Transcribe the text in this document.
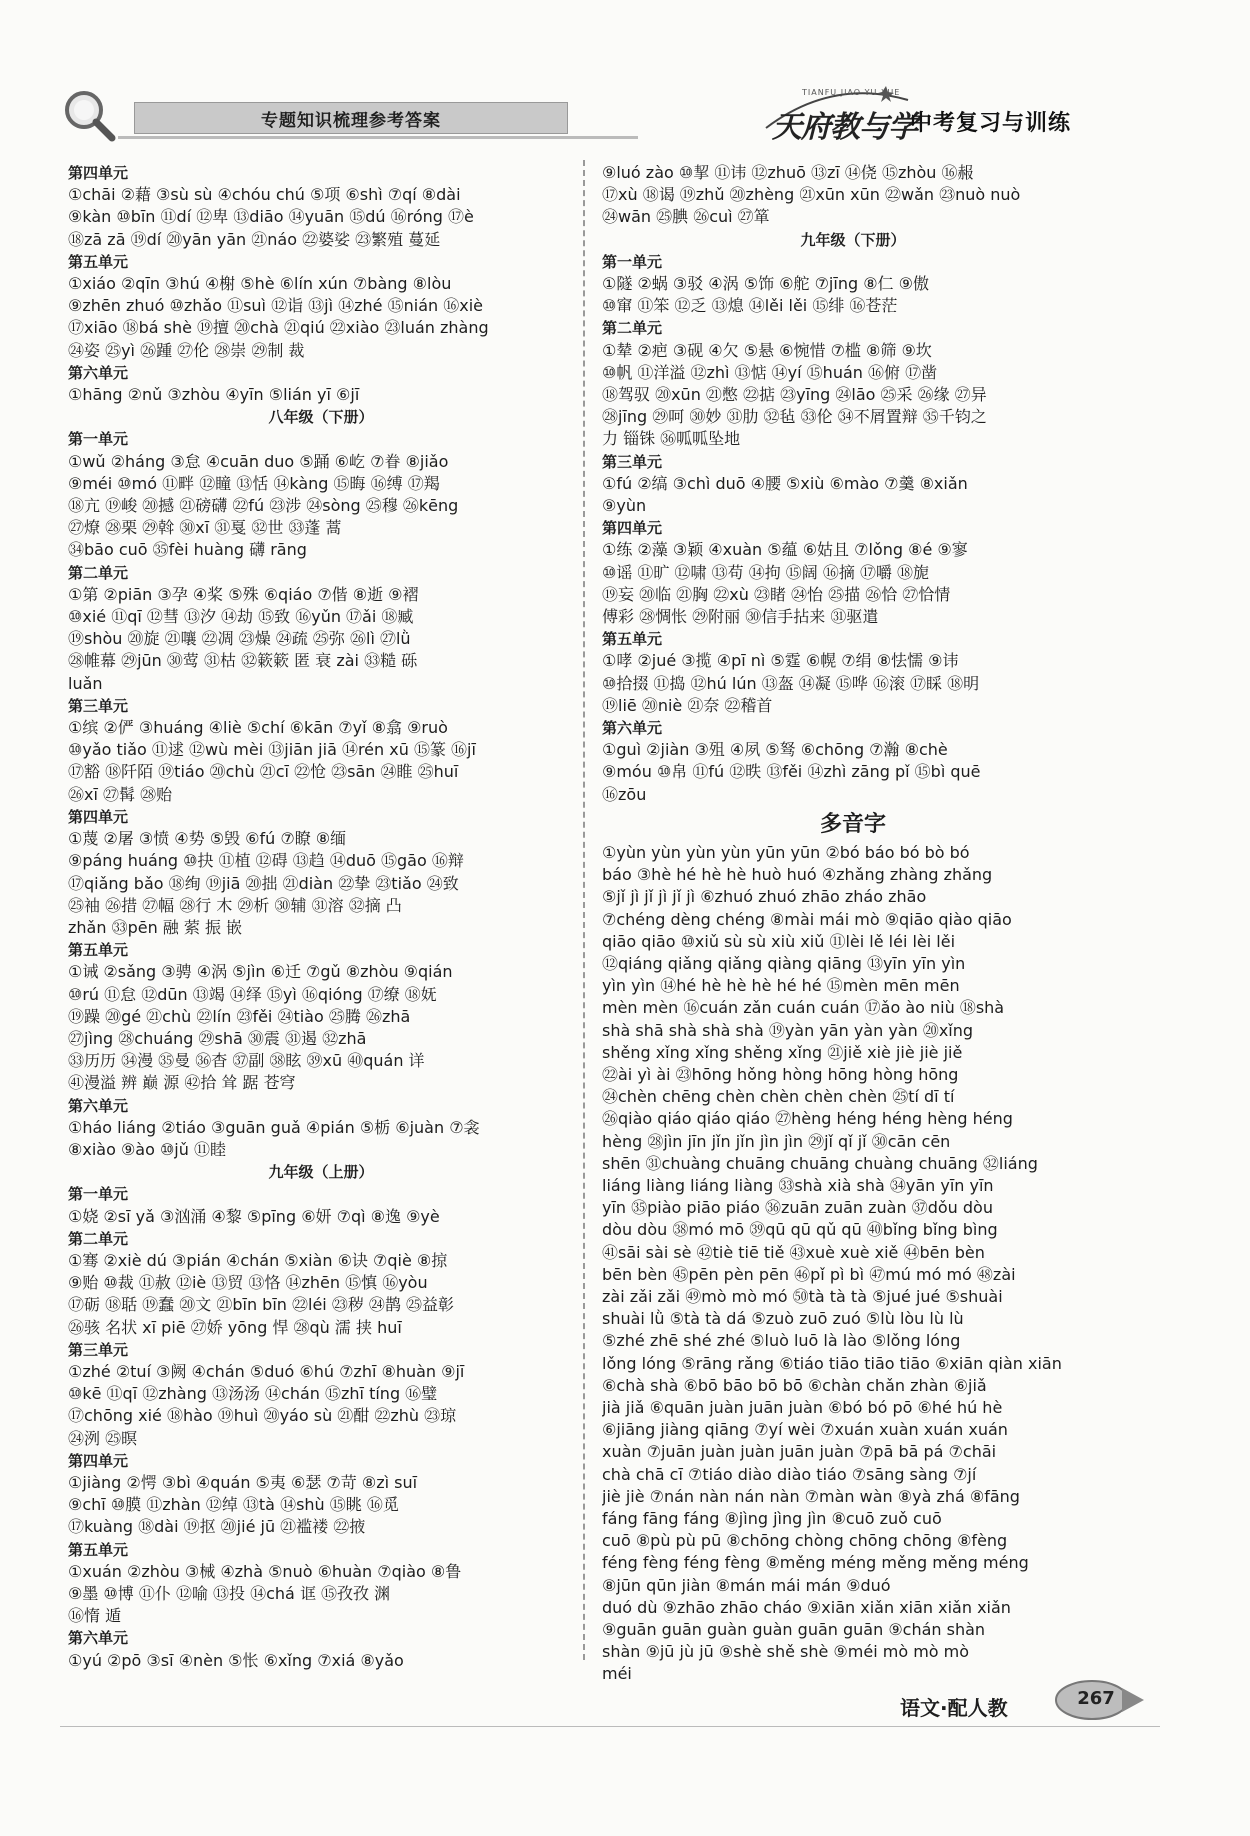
专题知识梳理参考答案
TIANFU JIAO YU XUE
天府教与学
中考复习与训练
第四单元
①chāi ②藉 ③sù sù ④chóu chú ⑤项 ⑥shì ⑦qí ⑧dài
⑨kàn ⑩bīn ⑪dí ⑫卑 ⑬diāo ⑭yuān ⑮dú ⑯róng ⑰è
⑱zā zā ⑲dí ⑳yān yān ㉑náo ㉒婆娑 ㉓繁殖 蔓延
第五单元
①xiáo ②qīn ③hú ④榭 ⑤hè ⑥lín xún ⑦bàng ⑧lòu
⑨zhēn zhuó ⑩zhǎo ⑪suì ⑫诣 ⑬jì ⑭zhé ⑮nián ⑯xiè
⑰xiāo ⑱bá shè ⑲擅 ⑳chà ㉑qiú ㉒xiào ㉓luán zhàng
㉔姿 ㉕yì ㉖踵 ㉗伦 ㉘崇 ㉙制 裁
第六单元
①hāng ②nǔ ③zhòu ④yīn ⑤lián yī ⑥jī
八年级（下册）
第一单元
①wǔ ②háng ③怠 ④cuān duo ⑤踊 ⑥屹 ⑦眷 ⑧jiǎo
⑨méi ⑩mó ⑪畔 ⑫瞳 ⑬恬 ⑭kàng ⑮晦 ⑯缚 ⑰羯
⑱亢 ⑲峻 ⑳撼 ㉑磅礴 ㉒fú ㉓涉 ㉔sòng ㉕穆 ㉖kēng
㉗燎 ㉘栗 ㉙斡 ㉚xī ㉛戛 ㉜世 ㉝蓬 蒿
㉞bāo cuō ㉟fèi huàng 礴 rāng
第二单元
①第 ②piān ③孕 ④桨 ⑤殊 ⑥qiáo ⑦偕 ⑧逝 ⑨褶
⑩xié ⑪qī ⑫彗 ⑬汐 ⑭劫 ⑮致 ⑯yǔn ⑰ǎi ⑱臧
⑲shòu ⑳旋 ㉑嚷 ㉒凋 ㉓燥 ㉔疏 ㉕弥 ㉖lì ㉗lǜ
㉘帷幕 ㉙jūn ㉚莺 ㉛枯 ㉜簌簌 匿 衰 zài ㉝糙 砾
luǎn
第三单元
①缤 ②俨 ③huáng ④liè ⑤chí ⑥kān ⑦yǐ ⑧翕 ⑨ruò
⑩yǎo tiǎo ⑪逑 ⑫wù mèi ⑬jiān jiā ⑭rén xū ⑮篆 ⑯jī
⑰豁 ⑱阡陌 ⑲tiáo ⑳chù ㉑cī ㉒怆 ㉓sān ㉔睢 ㉕huī
㉖xī ㉗髯 ㉘贻
第四单元
①蔑 ②屠 ③愤 ④势 ⑤毁 ⑥fú ⑦瞭 ⑧缅
⑨páng huáng ⑩抉 ⑪植 ⑫碍 ⑬趋 ⑭duō ⑮gāo ⑯辩
⑰qiǎng bǎo ⑱绚 ⑲jiā ⑳拙 ㉑diàn ㉒挚 ㉓tiǎo ㉔致
㉕袖 ㉖措 ㉗幅 ㉘行 木 ㉙析 ㉚辅 ㉛溶 ㉜摘 凸
zhǎn ㉝pēn 融 萦 振 嵌
第五单元
①诫 ②sǎng ③骋 ④涡 ⑤jìn ⑥迁 ⑦gǔ ⑧zhòu ⑨qián
⑩rú ⑪怠 ⑫dūn ⑬竭 ⑭绎 ⑮yì ⑯qióng ⑰缭 ⑱妩
⑲躁 ⑳gé ㉑chù ㉒lín ㉓fěi ㉔tiào ㉕腾 ㉖zhā
㉗jìng ㉘chuáng ㉙shā ㉚震 ㉛遏 ㉜zhā
㉝历历 ㉞漫 ㉟曼 ㊱杳 ㊲副 ㊳眩 ㊴xū ㊵quán 详
㊶漫溢 辨 巅 源 ㊷拾 耸 踞 苍穹
第六单元
①háo liáng ②tiáo ③guān guǎ ④pián ⑤栃 ⑥juàn ⑦衾
⑧xiào ⑨ào ⑩jǔ ⑪睦
九年级（上册）
第一单元
①娆 ②sī yǎ ③汹涌 ④黎 ⑤pīng ⑥妍 ⑦qì ⑧逸 ⑨yè
第二单元
①骞 ②xiè dú ③pián ④chán ⑤xiàn ⑥诀 ⑦qiè ⑧掠
⑨贻 ⑩裁 ⑪赦 ⑫iè ⑬贸 ⑬恪 ⑭zhēn ⑮慎 ⑯yòu
⑰砺 ⑱聒 ⑲蠢 ⑳文 ㉑bīn bīn ㉒léi ㉓秽 ㉔鹊 ㉕益彰
㉖骇 名状 xī piē ㉗娇 yōng 悍 ㉘qù 濡 挟 huī
第三单元
①zhé ②tuí ③阙 ④chán ⑤duó ⑥hú ⑦zhī ⑧huàn ⑨jī
⑩kē ⑪qī ⑫zhàng ⑬汤汤 ⑭chán ⑮zhī tíng ⑯璧
⑰chōng xié ⑱hào ⑲huì ⑳yáo sù ㉑酣 ㉒zhù ㉓琼
㉔洌 ㉕暝
第四单元
①jiàng ②愕 ③bì ④quán ⑤夷 ⑥瑟 ⑦苛 ⑧zì suī
⑨chī ⑩膜 ⑪zhàn ⑫绰 ⑬tà ⑭shù ⑮眺 ⑯觅
⑰kuàng ⑱dài ⑲抠 ⑳jié jū ㉑褴褛 ㉒掖
第五单元
①xuán ②zhòu ③械 ④zhà ⑤nuò ⑥huàn ⑦qiào ⑧鲁
⑨墨 ⑩博 ⑪仆 ⑫喻 ⑬投 ⑭chá 诓 ⑮孜孜 渊
⑯惰 遁
第六单元
①yú ②pō ③sī ④nèn ⑤怅 ⑥xǐng ⑦xiá ⑧yǎo
⑨luó zào ⑩挈 ⑪讳 ⑫zhuō ⑬zī ⑭侥 ⑮zhòu ⑯赧
⑰xù ⑱谒 ⑲zhǔ ⑳zhèng ㉑xūn xūn ㉒wǎn ㉓nuò nuò
㉔wān ㉕腆 ㉖cuì ㉗箪
九年级（下册）
第一单元
①隧 ②蜗 ③驳 ④涡 ⑤饰 ⑥舵 ⑦jīng ⑧仁 ⑨傲
⑩窜 ⑪笨 ⑫乏 ⑬熄 ⑭lěi lěi ⑮绯 ⑯苍茫
第二单元
①辇 ②疤 ③砚 ④欠 ⑤悬 ⑥惋惜 ⑦槛 ⑧筛 ⑨坎
⑩帆 ⑪洋溢 ⑫zhì ⑬惦 ⑭yí ⑮huán ⑯俯 ⑰凿
⑱驾驭 ⑳xūn ㉑憋 ㉒掂 ㉓yīng ㉔lāo ㉕采 ㉖缘 ㉗异
㉘jīng ㉙呵 ㉚妙 ㉛肋 ㉜毡 ㉝伦 ㉞不屑置辩 ㉟千钧之
力 锱铢 ㊱呱呱坠地
第三单元
①fú ②缟 ③chì duō ④腰 ⑤xiù ⑥mào ⑦羹 ⑧xiǎn
⑨yùn
第四单元
①练 ②藻 ③颖 ④xuàn ⑤蕴 ⑥姑且 ⑦lǒng ⑧é ⑨寥
⑩谣 ⑪旷 ⑫啸 ⑬苟 ⑭拘 ⑮阔 ⑯摘 ⑰嚼 ⑱旎
⑲妄 ⑳临 ㉑胸 ㉒xù ㉓睹 ㉔怡 ㉕描 ㉖恰 ㉗恰情
傅彩 ㉘惆怅 ㉙附丽 ㉚信手拈来 ㉛驱遣
第五单元
①哮 ②jué ③揽 ④pī nì ⑤霆 ⑥幌 ⑦绢 ⑧怯懦 ⑨讳
⑩拾掇 ⑪捣 ⑫hú lún ⑬盔 ⑭凝 ⑮哗 ⑯滚 ⑰睬 ⑱明
⑲liē ⑳niè ㉑奈 ㉒稽首
第六单元
①guì ②jiàn ③殂 ④夙 ⑤驽 ⑥chōng ⑦瀚 ⑧chè
⑨móu ⑩帛 ⑪fú ⑫昳 ⑬fěi ⑭zhì zāng pǐ ⑮bì quē
⑯zōu
多音字
①yùn yùn yùn yùn yūn yūn ②bó báo bó bò bó
báo ③hè hé hè hè huò huó ④zhǎng zhàng zhǎng
⑤jǐ jì jǐ jì jǐ jì ⑥zhuó zhuó zhāo zháo zhāo
⑦chéng dèng chéng ⑧mài mái mò ⑨qiāo qiào qiāo
qiāo qiāo ⑩xiǔ sù sù xiù xiǔ ⑪lèi lě léi lèi lěi
⑫qiáng qiǎng qiǎng qiàng qiāng ⑬yīn yīn yìn
yìn yìn ⑭hé hè hè hè hé hé ⑮mèn mēn mēn
mèn mèn ⑯cuán zǎn cuán cuán ⑰ǎo ào niù ⑱shà
shà shā shà shà shà ⑲yàn yān yàn yàn ⑳xǐng
shěng xǐng xǐng shěng xǐng ㉑jiě xiè jiè jiè jiě
㉒ài yì ài ㉓hōng hǒng hòng hōng hòng hōng
㉔chèn chēng chèn chèn chèn chèn ㉕tí dī tí
㉖qiào qiáo qiáo qiáo ㉗hèng héng héng hèng héng
hèng ㉘jìn jīn jǐn jǐn jìn jìn ㉙jǐ qǐ jǐ ㉚cān cēn
shēn ㉛chuàng chuāng chuāng chuàng chuāng ㉜liáng
liáng liàng liáng liàng ㉝shà xià shà ㉞yān yīn yīn
yīn ㉟piào piāo piáo ㊱zuān zuān zuàn ㊲dǒu dòu
dòu dòu ㊳mó mō ㊴qū qū qǔ qū ㊵bǐng bǐng bìng
㊶sāi sài sè ㊷tiè tiē tiě ㊸xuè xuè xiě ㊹bēn bèn
bēn bèn ㊺pēn pèn pēn ㊻pǐ pì bì ㊼mú mó mó ㊽zài
zài zǎi zǎi ㊾mò mò mó ㊿tà tà tà ⑤jué jué ⑤shuài
shuài lǜ ⑤tà tà dá ⑤zuò zuō zuó ⑤lù lòu lù lù
⑤zhé zhē shé zhé ⑤luò luō là lào ⑤lǒng lóng
lǒng lóng ⑤rāng rǎng ⑥tiáo tiāo tiāo tiāo ⑥xiān qiàn xiān
⑥chà shà ⑥bō bāo bō bō ⑥chàn chǎn zhàn ⑥jiǎ
jià jiǎ ⑥quān juàn juān juàn ⑥bó bó pō ⑥hé hú hè
⑥jiāng jiàng qiāng ⑦yí wèi ⑦xuán xuàn xuán xuán
xuàn ⑦juān juàn juàn juān juàn ⑦pā bā pá ⑦chāi
chà chā cī ⑦tiáo diào diào tiáo ⑦sāng sàng ⑦jí
jiè jiè ⑦nán nàn nán nàn ⑦màn wàn ⑧yà zhá ⑧fāng
fáng fāng fáng ⑧jìng jìng jìn ⑧cuō zuǒ cuō
cuō ⑧pù pù pū ⑧chōng chòng chōng chōng ⑧fèng
féng fèng féng fèng ⑧měng méng měng měng méng
⑧jūn qūn jiàn ⑧mán mái mán ⑨duó
duó dù ⑨zhāo zhāo cháo ⑨xiān xiǎn xiān xiǎn xiǎn
⑨guān guān guàn guàn guān guān ⑨chán shàn
shàn ⑨jū jù jū ⑨shè shě shè ⑨méi mò mò mò
méi
语文·配人教	267
